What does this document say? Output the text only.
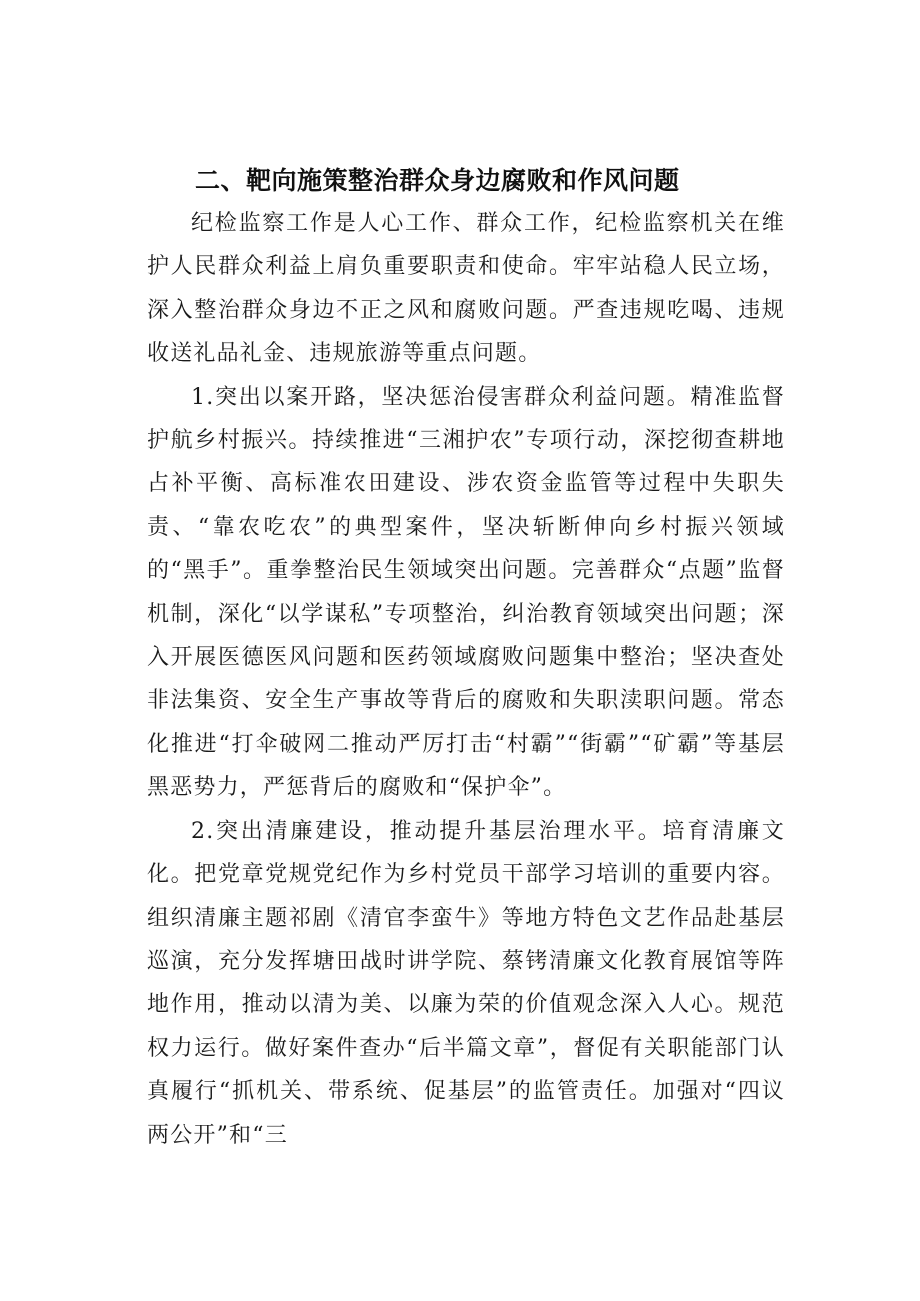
二、靶向施策整治群众身边腐败和作风问题

纪检监察工作是人心工作、群众工作，纪检监察机关在维护人民群众利益上肩负重要职责和使命。牢牢站稳人民立场，深入整治群众身边不正之风和腐败问题。严查违规吃喝、违规收送礼品礼金、违规旅游等重点问题。

1.突出以案开路，坚决惩治侵害群众利益问题。精准监督护航乡村振兴。持续推进“三湘护农”专项行动，深挖彻查耕地占补平衡、高标准农田建设、涉农资金监管等过程中失职失责、“靠农吃农”的典型案件，坚决斩断伸向乡村振兴领域的“黑手”。重拳整治民生领域突出问题。完善群众“点题”监督机制，深化“以学谋私”专项整治，纠治教育领域突出问题；深入开展医德医风问题和医药领域腐败问题集中整治；坚决查处非法集资、安全生产事故等背后的腐败和失职渎职问题。常态化推进“打伞破网二推动严厉打击“村霸”“街霸”“矿霸”等基层黑恶势力，严惩背后的腐败和“保护伞”。

2.突出清廉建设，推动提升基层治理水平。培育清廉文化。把党章党规党纪作为乡村党员干部学习培训的重要内容。组织清廉主题祁剧《清官李蛮牛》等地方特色文艺作品赴基层巡演，充分发挥塘田战时讲学院、蔡铐清廉文化教育展馆等阵地作用，推动以清为美、以廉为荣的价值观念深入人心。规范权力运行。做好案件查办“后半篇文章”，督促有关职能部门认真履行“抓机关、带系统、促基层”的监管责任。加强对“四议两公开”和“三
